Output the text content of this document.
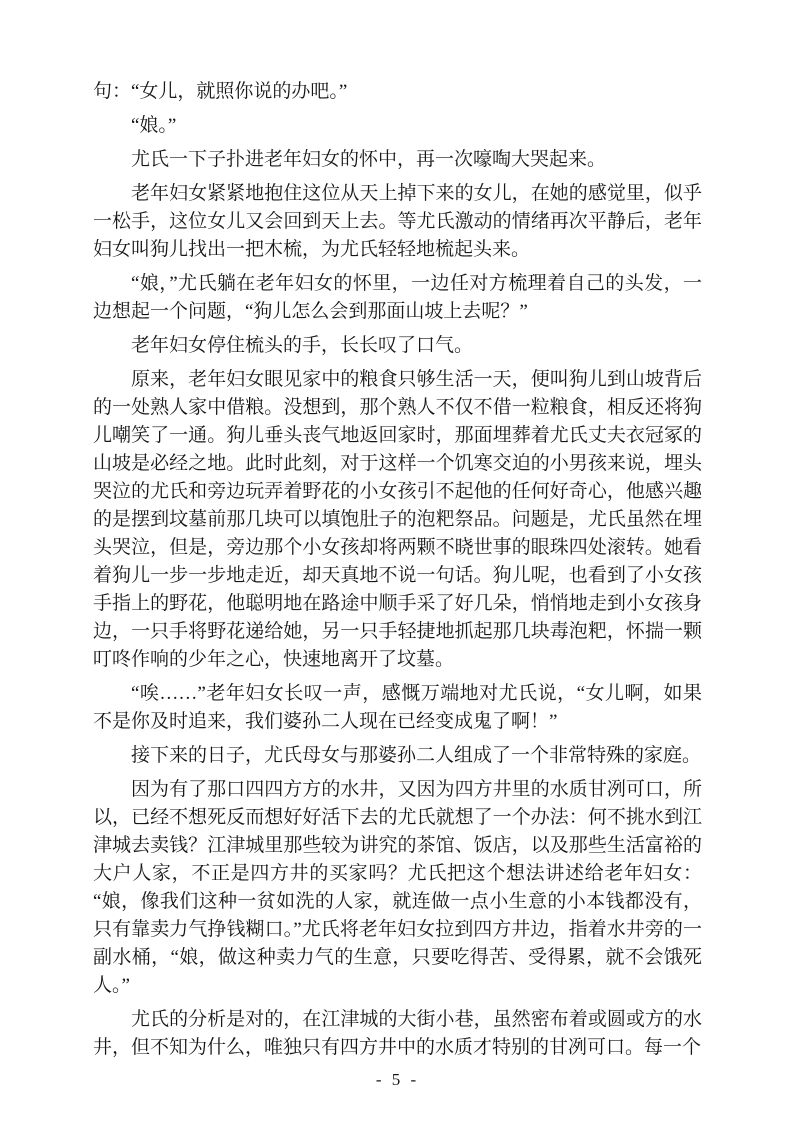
句：“女儿，就照你说的办吧。”

“娘。”

尤氏一下子扑进老年妇女的怀中，再一次嚎啕大哭起来。

老年妇女紧紧地抱住这位从天上掉下来的女儿，在她的感觉里，似乎一松手，这位女儿又会回到天上去。等尤氏激动的情绪再次平静后，老年妇女叫狗儿找出一把木梳，为尤氏轻轻地梳起头来。

“娘，”尤氏躺在老年妇女的怀里，一边任对方梳理着自己的头发，一边想起一个问题，“狗儿怎么会到那面山坡上去呢？”

老年妇女停住梳头的手，长长叹了口气。

原来，老年妇女眼见家中的粮食只够生活一天，便叫狗儿到山坡背后的一处熟人家中借粮。没想到，那个熟人不仅不借一粒粮食，相反还将狗儿嘲笑了一通。狗儿垂头丧气地返回家时，那面埋葬着尤氏丈夫衣冠冢的山坡是必经之地。此时此刻，对于这样一个饥寒交迫的小男孩来说，埋头哭泣的尤氏和旁边玩弄着野花的小女孩引不起他的任何好奇心，他感兴趣的是摆到坟墓前那几块可以填饱肚子的泡粑祭品。问题是，尤氏虽然在埋头哭泣，但是，旁边那个小女孩却将两颗不晓世事的眼珠四处滚转。她看着狗儿一步一步地走近，却天真地不说一句话。狗儿呢，也看到了小女孩手指上的野花，他聪明地在路途中顺手采了好几朵，悄悄地走到小女孩身边，一只手将野花递给她，另一只手轻捷地抓起那几块毒泡粑，怀揣一颗叮咚作响的少年之心，快速地离开了坟墓。

“唉……”老年妇女长叹一声，感慨万端地对尤氏说，“女儿啊，如果不是你及时追来，我们婆孙二人现在已经变成鬼了啊！”

接下来的日子，尤氏母女与那婆孙二人组成了一个非常特殊的家庭。

因为有了那口四四方方的水井，又因为四方井里的水质甘冽可口，所以，已经不想死反而想好好活下去的尤氏就想了一个办法：何不挑水到江津城去卖钱？江津城里那些较为讲究的茶馆、饭店，以及那些生活富裕的大户人家，不正是四方井的买家吗？尤氏把这个想法讲述给老年妇女：“娘，像我们这种一贫如洗的人家，就连做一点小生意的小本钱都没有，只有靠卖力气挣钱糊口。”尤氏将老年妇女拉到四方井边，指着水井旁的一副水桶，“娘，做这种卖力气的生意，只要吃得苦、受得累，就不会饿死人。”

尤氏的分析是对的，在江津城的大街小巷，虽然密布着或圆或方的水井，但不知为什么，唯独只有四方井中的水质才特别的甘冽可口。每一个

- 5 -
